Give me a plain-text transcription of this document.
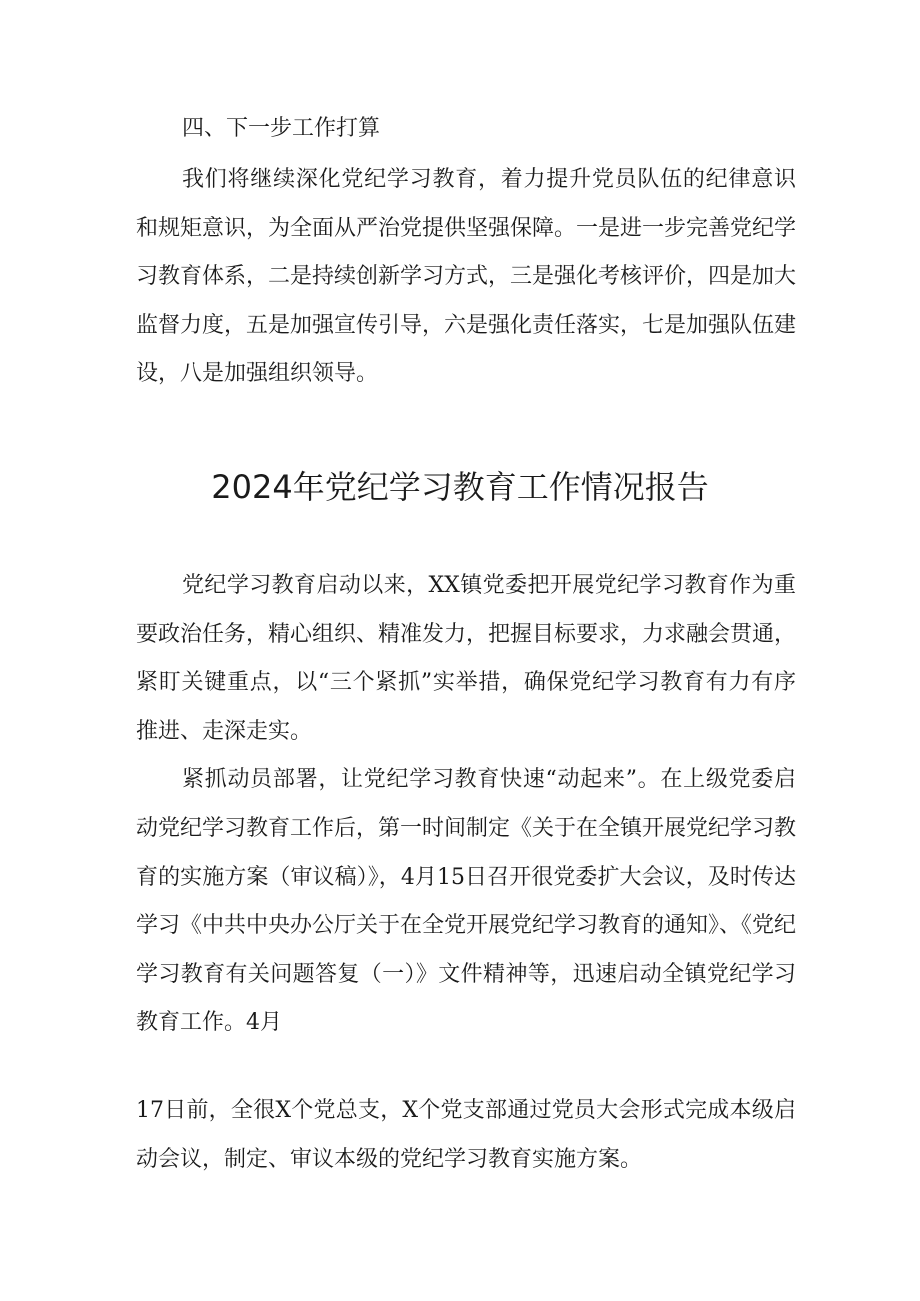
四、下一步工作打算

我们将继续深化党纪学习教育，着力提升党员队伍的纪律意识和规矩意识，为全面从严治党提供坚强保障。一是进一步完善党纪学习教育体系，二是持续创新学习方式，三是强化考核评价，四是加大监督力度，五是加强宣传引导，六是强化责任落实，七是加强队伍建设，八是加强组织领导。

2024年党纪学习教育工作情况报告

党纪学习教育启动以来，XX镇党委把开展党纪学习教育作为重要政治任务，精心组织、精准发力，把握目标要求，力求融会贯通，紧盯关键重点，以“三个紧抓”实举措，确保党纪学习教育有力有序推进、走深走实。

紧抓动员部署，让党纪学习教育快速“动起来”。在上级党委启动党纪学习教育工作后，第一时间制定《关于在全镇开展党纪学习教育的实施方案（审议稿）》，4月15日召开很党委扩大会议，及时传达学习《中共中央办公厅关于在全党开展党纪学习教育的通知》、《党纪学习教育有关问题答复（一）》文件精神等，迅速启动全镇党纪学习教育工作。4月

17日前，全很X个党总支，X个党支部通过党员大会形式完成本级启动会议，制定、审议本级的党纪学习教育实施方案。
